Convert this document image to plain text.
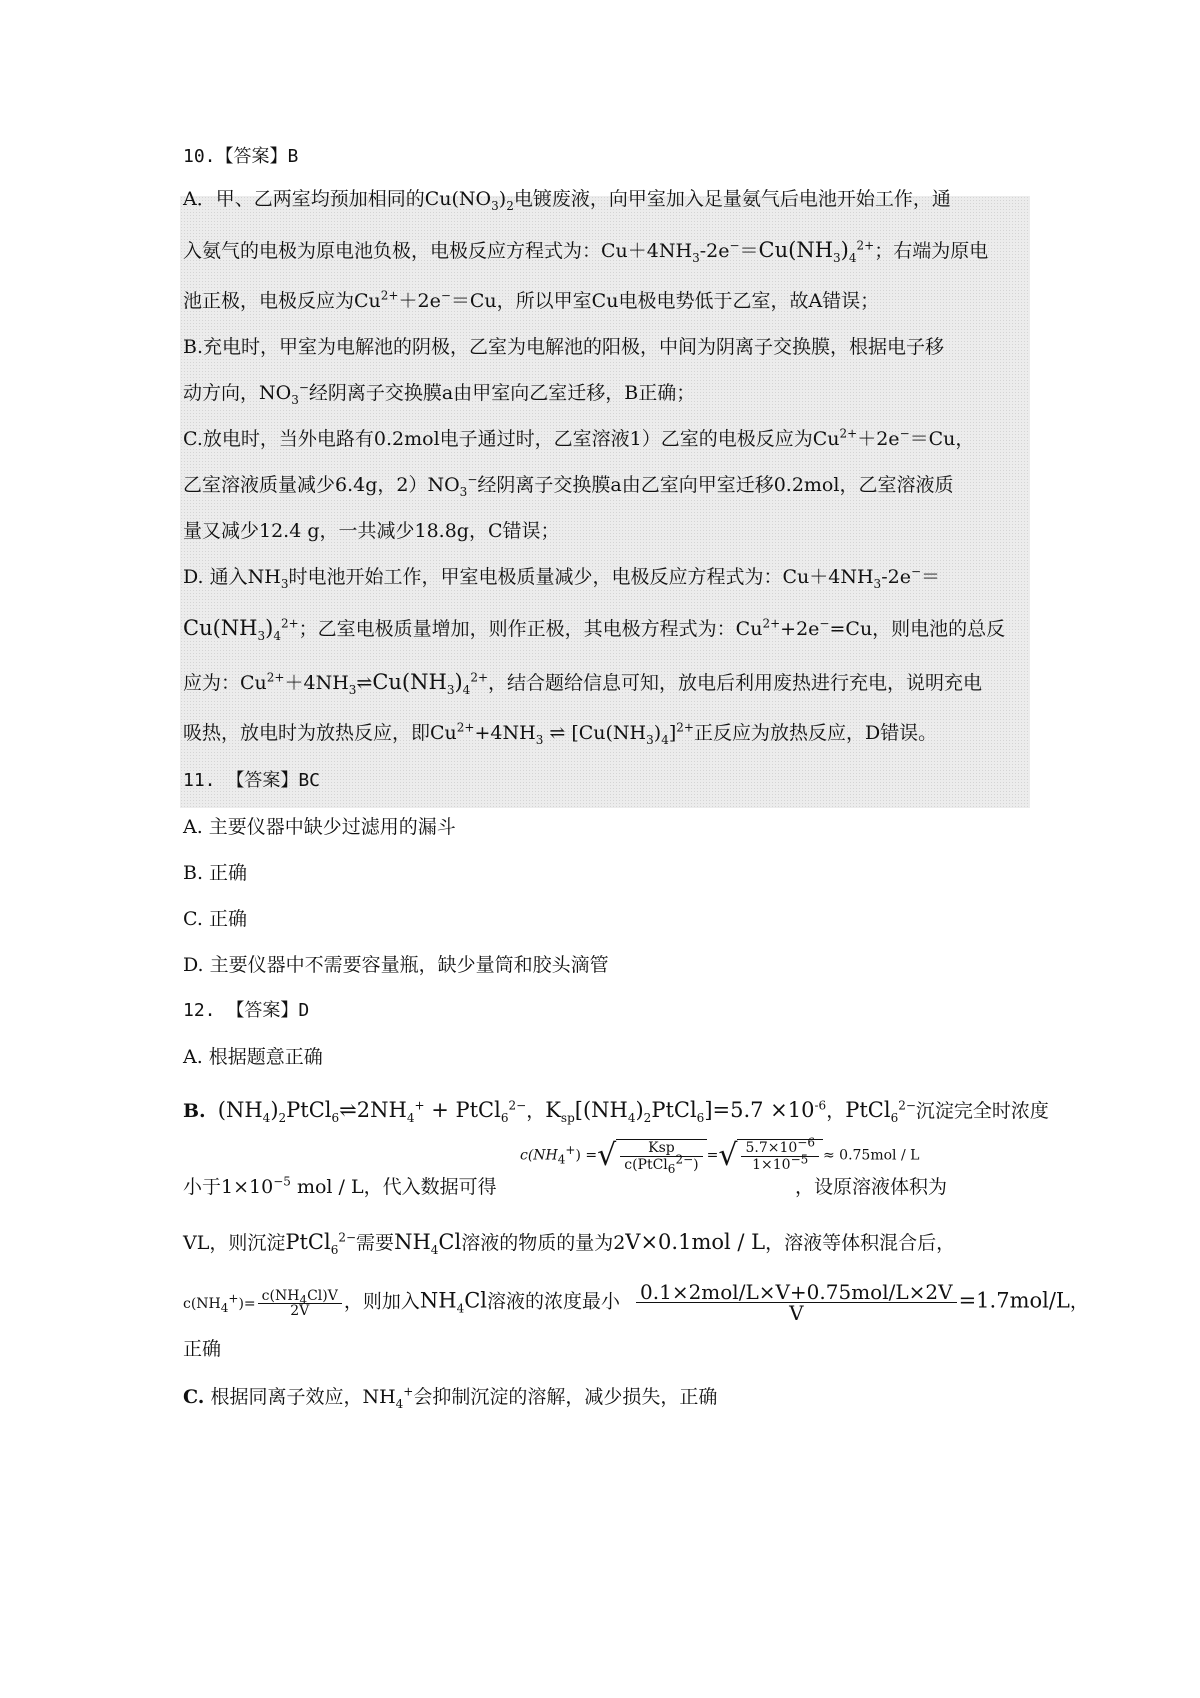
10.【答案】B
A．甲、乙两室均预加相同的$Cu(NO_3)_2$电镀废液，向甲室加入足量氨气后电池开始工作，通
入氨气的电极为原电池负极，电极反应方程式为：$Cu+4NH_3-2e^-=Cu(NH_3)_4^{2+}$；右端为原电
池正极，电极反应为$Cu^{2+}+2e^-=Cu$，所以甲室Cu电极电势低于乙室，故A错误；
B.充电时，甲室为电解池的阴极，乙室为电解池的阳极，中间为阴离子交换膜，根据电子移
动方向，$NO_3^-$经阴离子交换膜a由甲室向乙室迁移，B正确；
C.放电时，当外电路有0.2mol电子通过时，乙室溶液1）乙室的电极反应为$Cu^{2+}+2e^-=Cu$，
乙室溶液质量减少6.4g，$2)NO_3^-$经阴离子交换膜a由乙室向甲室迁移0.2mol，乙室溶液质
量又减少12.4 g，一共减少18.8g，C错误；
D. 通入$NH_3$时电池开始工作，甲室电极质量减少，电极反应方程式为：$Cu+4NH_3-2e^-=$
$Cu(NH_3)_4^{2+}$；乙室电极质量增加，则作正极，其电极方程式为：$Cu^{2+}+2e^-=Cu$，则电池的总反
应为：$Cu^{2+}+4NH_3\rightleftharpoons Cu(NH_3)_4^{2+}$，结合题给信息可知，放电后利用废热进行充电，说明充电
吸热，放电时为放热反应，即$Cu^{2+}+4NH_3$ ⇌ $[Cu(NH_3)_4]^{2+}$正反应为放热反应，D错误。
11. 【答案】BC
A. 主要仪器中缺少过滤用的漏斗
B. 正确
C. 正确
D. 主要仪器中不需要容量瓶，缺少量筒和胶头滴管
12. 【答案】D
A. 根据题意正确
B. $(NH_4)_2PtCl_6\rightleftharpoons 2NH_4^+$ + PtCl$_6^{2-}$，$K_{sp}[(NH_4)_2PtCl_6]=5.7 \times 10^{-6}$，PtCl$_6^{2-}$沉淀完全时浓度
小于$1\times 10^{-5}$ mol / L，代入数据可得
$c(NH_4^+)$ =√ $\frac{\text{Ksp}}{c(PtCl_6^{2-})}$ =√ $\frac{5.7\times 10^{-6}}{1\times 10^{-5}} \approx 0.75mol / L$
，设原溶液体积为
VL，则沉淀PtCl$_6^{2-}$需要$NH_4Cl$溶液的物质的量为2V×0.1mol / L，溶液等体积混合后，
$c(NH_4^+)= \frac{c(NH_4Cl)V}{2V}$ ，则加入$NH_4Cl$溶液的浓度最小 $\frac{\text{0.1×2mol/L×V+0.75mol/L×2V}}{V} =1.7mol/L$，
正确
C. 根据同离子效应，$NH_4^+$会抑制沉淀的溶解，减少损失，正确
